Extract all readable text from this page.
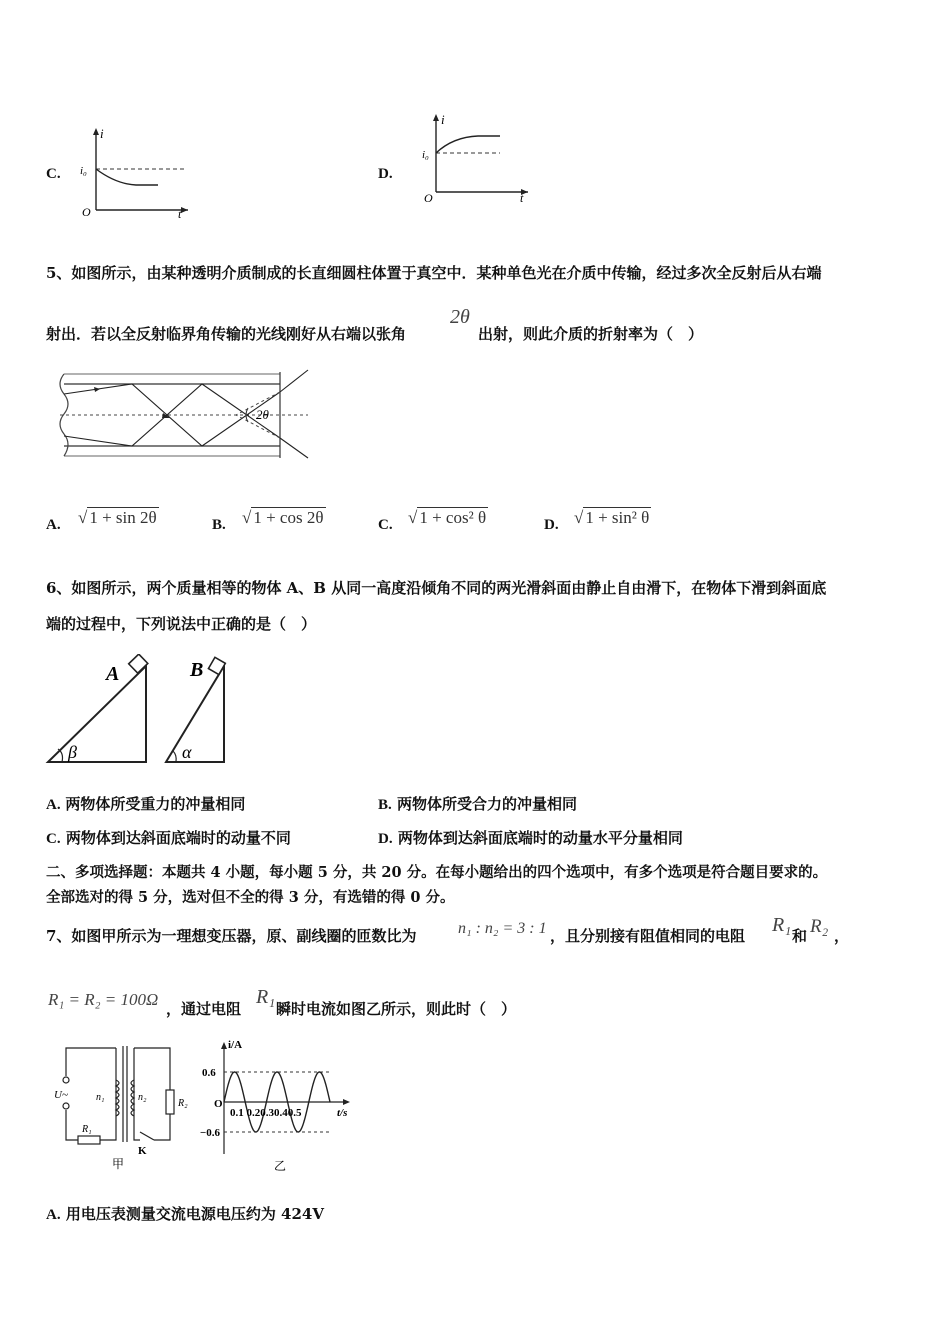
C.
i
i₀
O	t
D.
i
i₀
O	t
5、如图所示，由某种透明介质制成的长直细圆柱体置于真空中．某种单色光在介质中传输，经过多次全反射后从右端
射出．若以全反射临界角传输的光线刚好从右端以张角
2θ
出射，则此介质的折射率为（　）
2θ
A. √ 1 + sin 2θ	B. √ 1 + cos 2θ	C. √ 1 + cos² θ	D. √ 1 + sin² θ
6、如图所示，两个质量相等的物体 A、B 从同一高度沿倾角不同的两光滑斜面由静止自由滑下，在物体下滑到斜面底
端的过程中，下列说法中正确的是（　）
A
β
B
α
A. 两物体所受重力的冲量相同	B. 两物体所受合力的冲量相同
C. 两物体到达斜面底端时的动量不同	D. 两物体到达斜面底端时的动量水平分量相同
二、多项选择题：本题共 4 小题，每小题 5 分，共 20 分。在每小题给出的四个选项中，有多个选项是符合题目要求的。
全部选对的得 5 分，选对但不全的得 3 分，有选错的得 0 分。
7、如图甲所示为一理想变压器，原、副线圈的匝数比为	n₁ : n₂ = 3 : 1 ，且分别接有阻值相同的电阻 R₁ 和 R₂ ，
R₁ = R₂ = 100Ω ，通过电阻
R₁
瞬时电流如图乙所示，则此时（　）
U~	n₁	n₂
R₂
R₁
K
甲
i/A
0.6
−0.6
O
0.1 0.20.30.40.5	t/s
乙
A. 用电压表测量交流电源电压约为 424V
